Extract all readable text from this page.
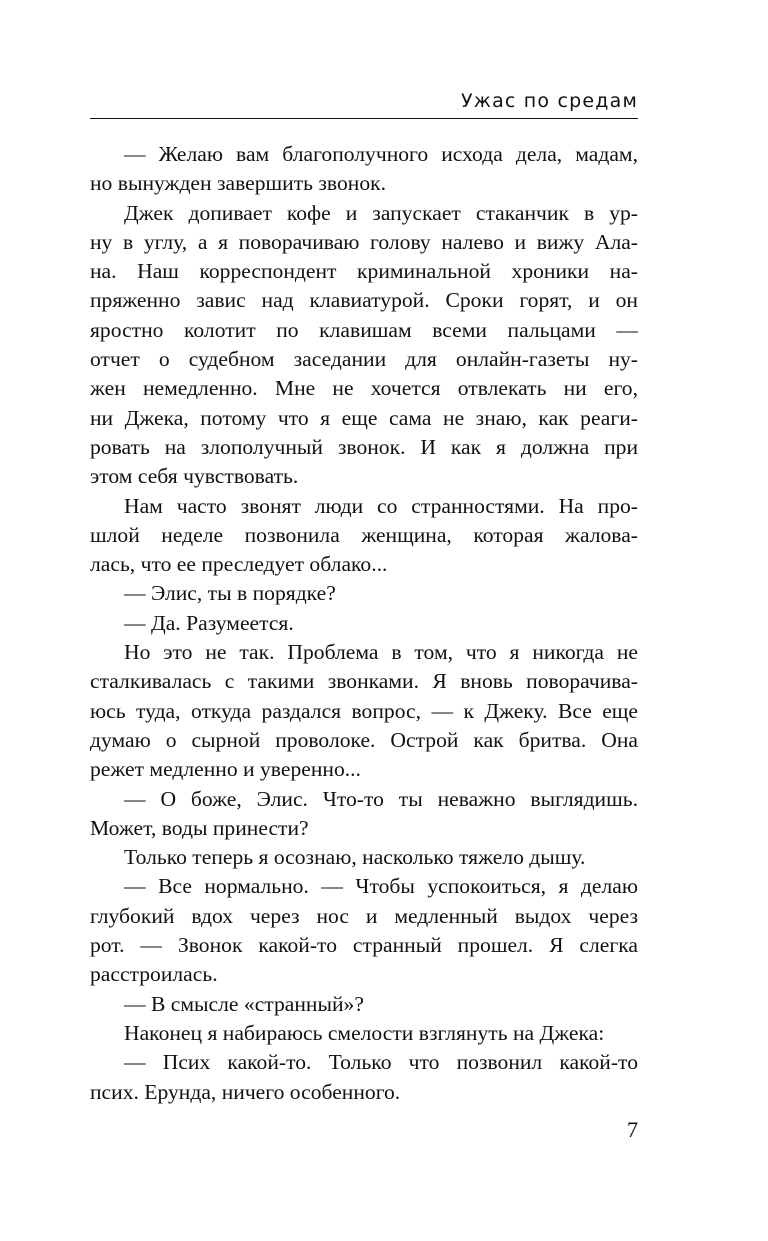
Ужас по средам

— Желаю вам благополучного исхода дела, мадам,
но вынужден завершить звонок.

Джек допивает кофе и запускает стаканчик в ур-
ну в углу, а я поворачиваю голову налево и вижу Ала-
на. Наш корреспондент криминальной хроники на-
пряженно завис над клавиатурой. Сроки горят, и он
яростно колотит по клавишам всеми пальцами —
отчет о судебном заседании для онлайн-газеты ну-
жен немедленно. Мне не хочется отвлекать ни его,
ни Джека, потому что я еще сама не знаю, как реаги-
ровать на злополучный звонок. И как я должна при
этом себя чувствовать.

Нам часто звонят люди со странностями. На про-
шлой неделе позвонила женщина, которая жалова-
лась, что ее преследует облако...

— Элис, ты в порядке?

— Да. Разумеется.

Но это не так. Проблема в том, что я никогда не
сталкивалась с такими звонками. Я вновь поворачива-
юсь туда, откуда раздался вопрос, — к Джеку. Все еще
думаю о сырной проволоке. Острой как бритва. Она
режет медленно и уверенно...

— О боже, Элис. Что-то ты неважно выглядишь.
Может, воды принести?

Только теперь я осознаю, насколько тяжело дышу.

— Все нормально. — Чтобы успокоиться, я делаю
глубокий вдох через нос и медленный выдох через
рот. — Звонок какой-то странный прошел. Я слегка
расстроилась.

— В смысле «странный»?

Наконец я набираюсь смелости взглянуть на Джека:

— Псих какой-то. Только что позвонил какой-то
псих. Ерунда, ничего особенного.

7
